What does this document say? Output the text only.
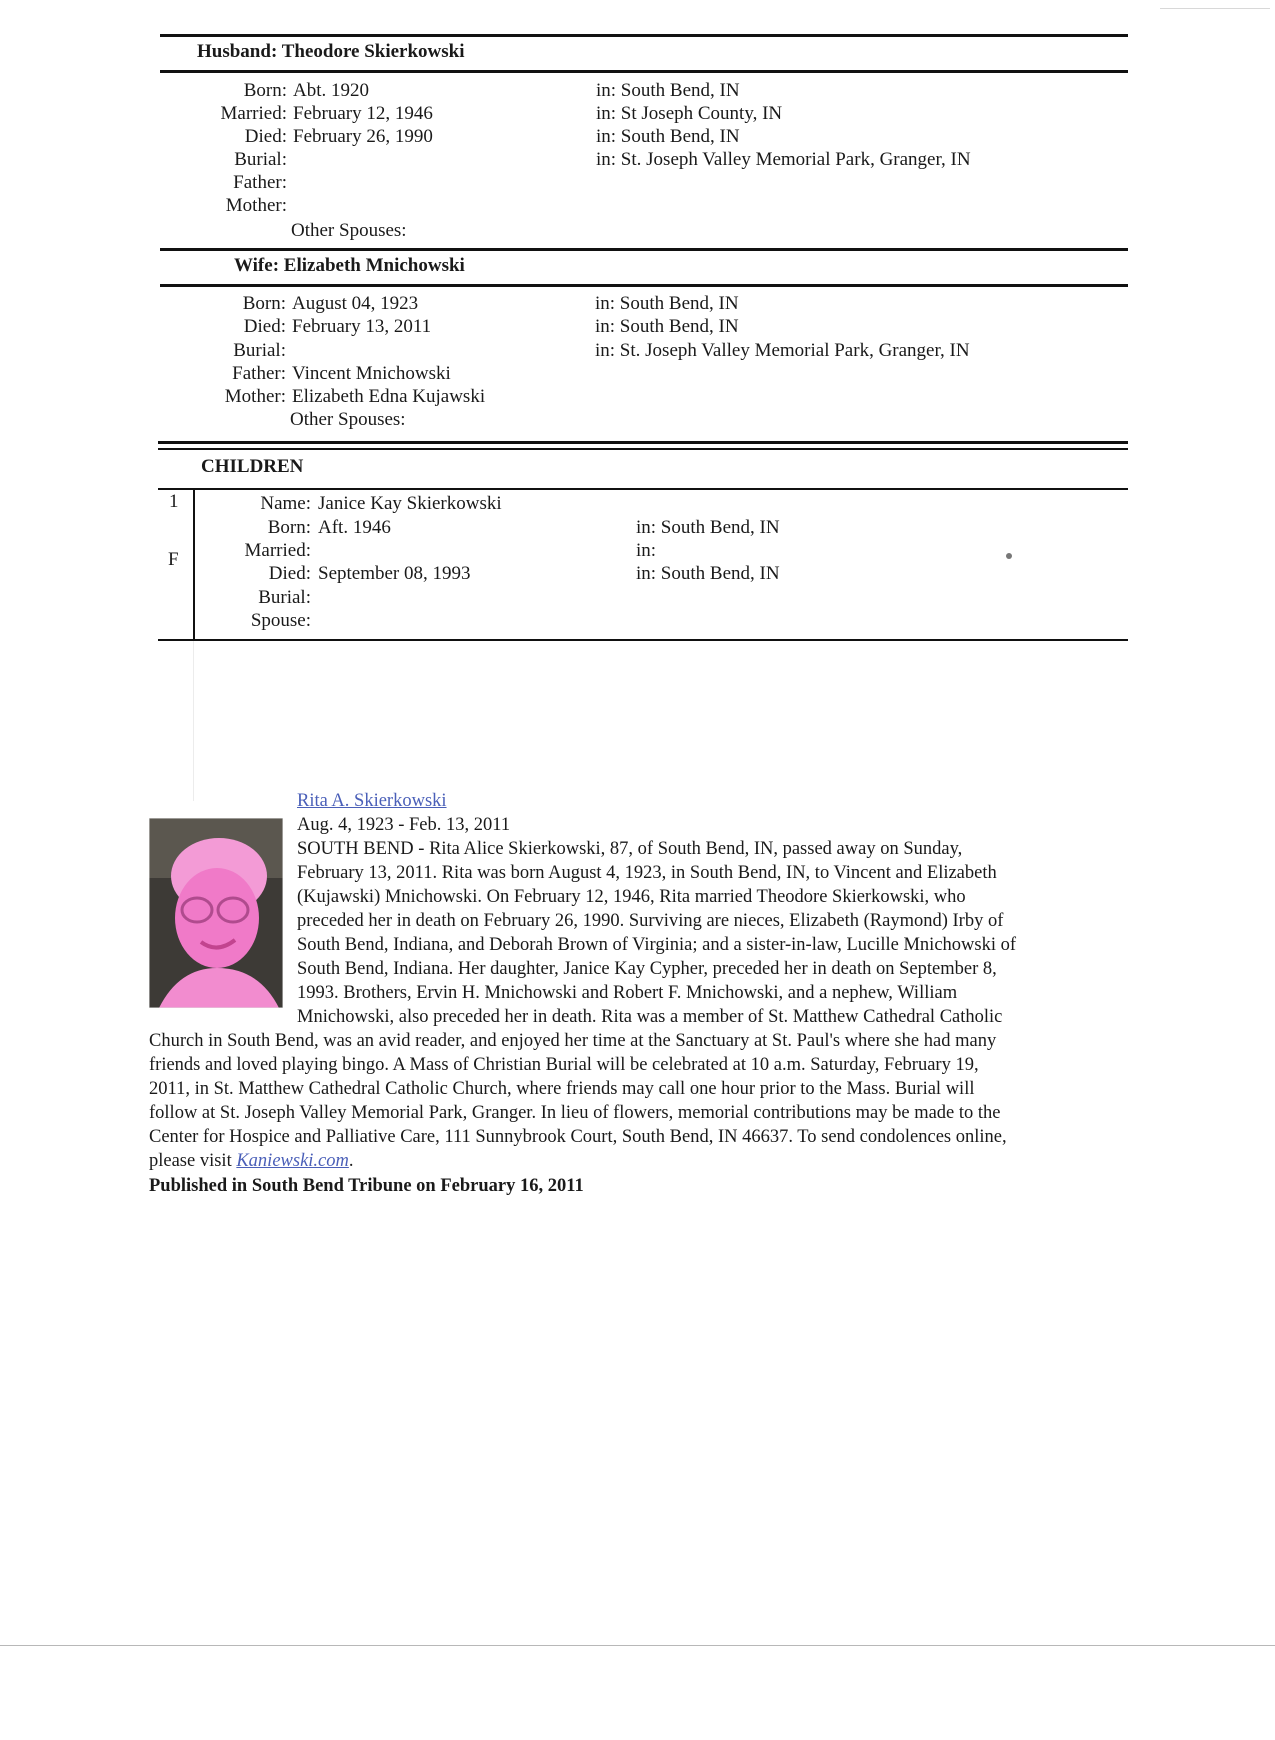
Husband: Theodore Skierkowski
Born: Abt. 1920	in: South Bend, IN
Married: February 12, 1946	in: St Joseph County, IN
Died: February 26, 1990	in: South Bend, IN
Burial:	in: St. Joseph Valley Memorial Park, Granger, IN
Father:
Mother:
Other Spouses:
Wife: Elizabeth Mnichowski
Born: August 04, 1923	in: South Bend, IN
Died: February 13, 2011	in: South Bend, IN
Burial:	in: St. Joseph Valley Memorial Park, Granger, IN
Father: Vincent Mnichowski
Mother: Elizabeth Edna Kujawski
Other Spouses:
CHILDREN
1
F
Name: Janice Kay Skierkowski
Born: Aft. 1946	in: South Bend, IN
Married:	in:
Died: September 08, 1993	in: South Bend, IN
Burial:
Spouse:
Rita A. Skierkowski
Aug. 4, 1923 - Feb. 13, 2011
SOUTH BEND - Rita Alice Skierkowski, 87, of South Bend, IN, passed away on Sunday,
February 13, 2011. Rita was born August 4, 1923, in South Bend, IN, to Vincent and Elizabeth
(Kujawski) Mnichowski. On February 12, 1946, Rita married Theodore Skierkowski, who
preceded her in death on February 26, 1990. Surviving are nieces, Elizabeth (Raymond) Irby of
South Bend, Indiana, and Deborah Brown of Virginia; and a sister-in-law, Lucille Mnichowski of
South Bend, Indiana. Her daughter, Janice Kay Cypher, preceded her in death on September 8,
1993. Brothers, Ervin H. Mnichowski and Robert F. Mnichowski, and a nephew, William
Mnichowski, also preceded her in death. Rita was a member of St. Matthew Cathedral Catholic
Church in South Bend, was an avid reader, and enjoyed her time at the Sanctuary at St. Paul's where she had many
friends and loved playing bingo. A Mass of Christian Burial will be celebrated at 10 a.m. Saturday, February 19,
2011, in St. Matthew Cathedral Catholic Church, where friends may call one hour prior to the Mass. Burial will
follow at St. Joseph Valley Memorial Park, Granger. In lieu of flowers, memorial contributions may be made to the
Center for Hospice and Palliative Care, 111 Sunnybrook Court, South Bend, IN 46637. To send condolences online,
please visit Kaniewski.com.
Published in South Bend Tribune on February 16, 2011
